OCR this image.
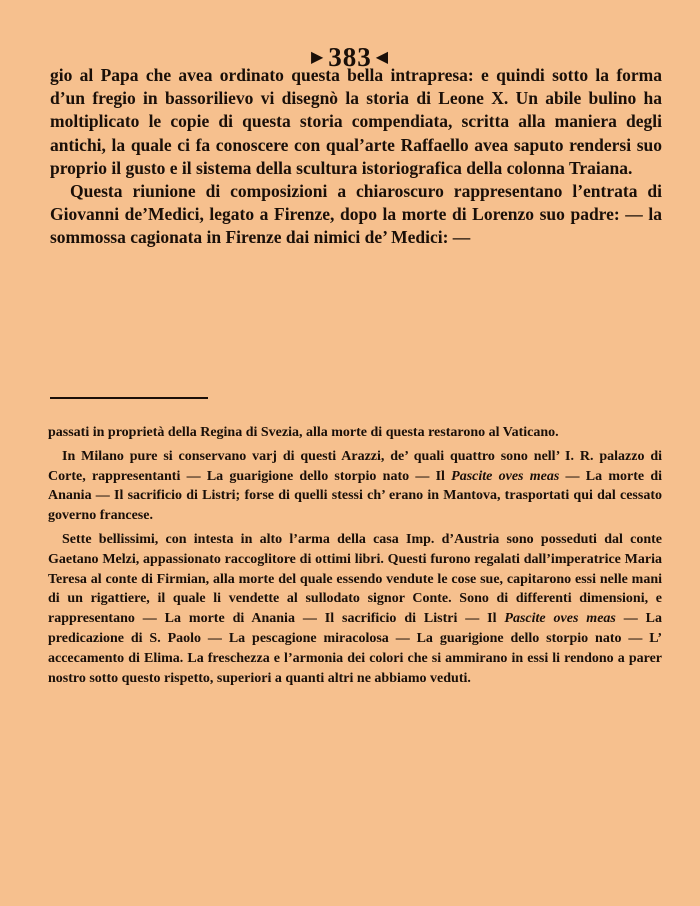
▶ 383 ◀

gio al Papa che avea ordinato questa bella intrapresa: e quindi sotto la forma d’un fregio in bassorilievo vi disegnò la storia di Leone X. Un abile bulino ha moltiplicato le copie di questa storia compendiata, scritta alla maniera degli antichi, la quale ci fa conoscere con qual’arte Raffaello avea saputo rendersi suo proprio il gusto e il sistema della scultura istoriografica della colonna Traiana.

Questa riunione di composizioni a chiaroscuro rappresentano l’entrata di Giovanni de’Medici, legato a Firenze, dopo la morte di Lorenzo suo padre: — la sommossa cagionata in Firenze dai nimici de’ Medici: —

passati in proprietà della Regina di Svezia, alla morte di questa restarono al Vaticano.

In Milano pure si conservano varj di questi Arazzi, de’ quali quattro sono nell’ I. R. palazzo di Corte, rappresentanti — La guarigione dello storpio nato — Il Pascite oves meas — La morte di Anania — Il sacrificio di Listri; forse di quelli stessi ch’ erano in Mantova, trasportati qui dal cessato governo francese.

Sette bellissimi, con intesta in alto l’arma della casa Imp. d’Austria sono posseduti dal conte Gaetano Melzi, appassionato raccoglitore di ottimi libri. Questi furono regalati dall’imperatrice Maria Teresa al conte di Firmian, alla morte del quale essendo vendute le cose sue, capitarono essi nelle mani di un rigattiere, il quale li vendette al sullodato signor Conte. Sono di differenti dimensioni, e rappresentano — La morte di Anania — Il sacrificio di Listri — Il Pascite oves meas — La predicazione di S. Paolo — La pescagione miracolosa — La guarigione dello storpio nato — L’ accecamento di Elima. La freschezza e l’armonia dei colori che si ammirano in essi li rendono a parer nostro sotto questo rispetto, superiori a quanti altri ne abbiamo veduti.
